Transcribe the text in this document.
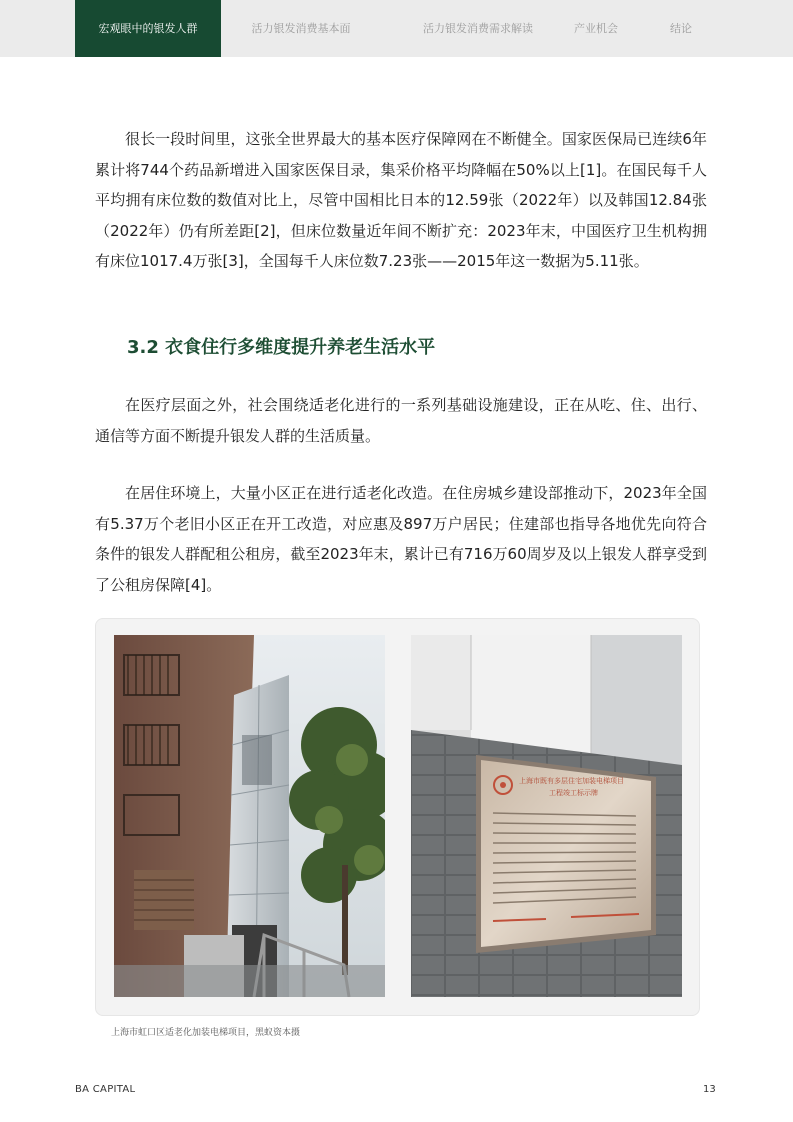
宏观眼中的银发人群	活力银发消费基本面	活力银发消费需求解读	产业机会	结论

很长一段时间里，这张全世界最大的基本医疗保障网在不断健全。国家医保局已连续6年累计将744个药品新增进入国家医保目录，集采价格平均降幅在50%以上[1]。在国民每千人平均拥有床位数的数值对比上，尽管中国相比日本的12.59张（2022年）以及韩国12.84张（2022年）仍有所差距[2]，但床位数量近年间不断扩充：2023年末，中国医疗卫生机构拥有床位1017.4万张[3]，全国每千人床位数7.23张——2015年这一数据为5.11张。

3.2 衣食住行多维度提升养老生活水平

在医疗层面之外，社会围绕适老化进行的一系列基础设施建设，正在从吃、住、出行、通信等方面不断提升银发人群的生活质量。

在居住环境上，大量小区正在进行适老化改造。在住房城乡建设部推动下，2023年全国有5.37万个老旧小区正在开工改造，对应惠及897万户居民；住建部也指导各地优先向符合条件的银发人群配租公租房，截至2023年末，累计已有716万60周岁及以上银发人群享受到了公租房保障[4]。

上海市既有多层住宅加装电梯项目
工程竣工标示牌
上海市虹口区适老化加装电梯项目，黑蚁资本摄
BA CAPITAL	13
